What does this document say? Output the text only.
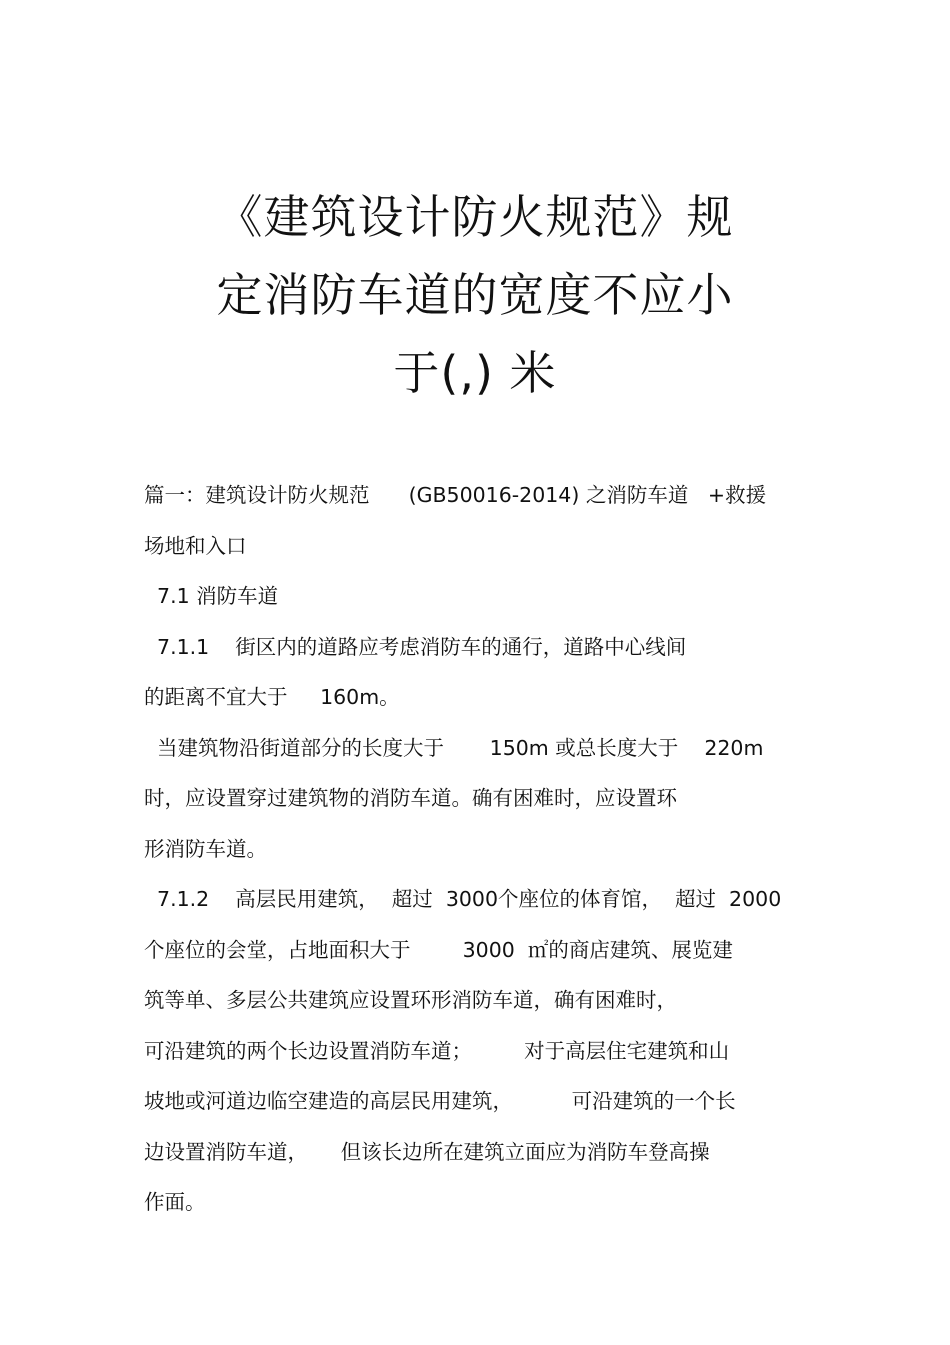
《建筑设计防火规范》规
定消防车道的宽度不应小
于(,) 米
篇一：建筑设计防火规范      (GB50016-2014) 之消防车道   +救援
场地和入口
7.1 消防车道
7.1.1    街区内的道路应考虑消防车的通行，道路中心线间
的距离不宜大于     160m。
当建筑物沿街道部分的长度大于       150m 或总长度大于    220m
时，应设置穿过建筑物的消防车道。确有困难时，应设置环
形消防车道。
7.1.2    高层民用建筑，  超过  3000个座位的体育馆，  超过  2000
个座位的会堂，占地面积大于        3000  ㎡的商店建筑、展览建
筑等单、多层公共建筑应设置环形消防车道，确有困难时，
可沿建筑的两个长边设置消防车道；        对于高层住宅建筑和山
坡地或河道边临空建造的高层民用建筑，         可沿建筑的一个长
边设置消防车道，     但该长边所在建筑立面应为消防车登高操
作面。
